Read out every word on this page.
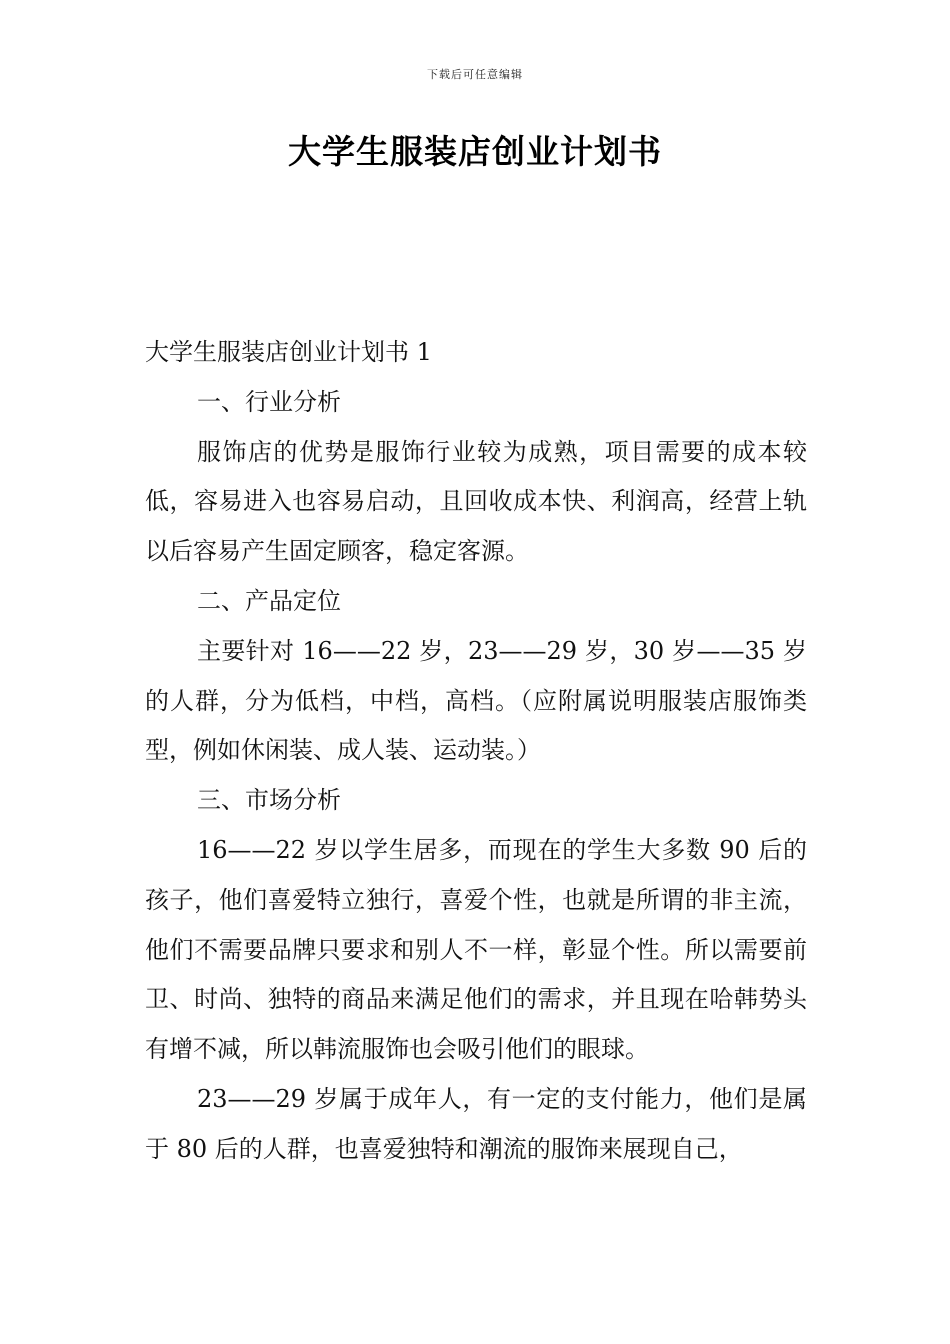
下载后可任意编辑
大学生服装店创业计划书

大学生服装店创业计划书 1

一、行业分析

服饰店的优势是服饰行业较为成熟，项目需要的成本较低，容易进入也容易启动，且回收成本快、利润高，经营上轨以后容易产生固定顾客，稳定客源。

二、产品定位

主要针对 16——22 岁，23——29 岁，30 岁——35 岁的人群，分为低档，中档，高档。（应附属说明服装店服饰类型，例如休闲装、成人装、运动装。）

三、市场分析

16——22 岁以学生居多，而现在的学生大多数 90 后的孩子，他们喜爱特立独行，喜爱个性，也就是所谓的非主流，他们不需要品牌只要求和别人不一样，彰显个性。所以需要前卫、时尚、独特的商品来满足他们的需求，并且现在哈韩势头有增不减，所以韩流服饰也会吸引他们的眼球。

23——29 岁属于成年人，有一定的支付能力，他们是属于 80 后的人群，也喜爱独特和潮流的服饰来展现自己，
